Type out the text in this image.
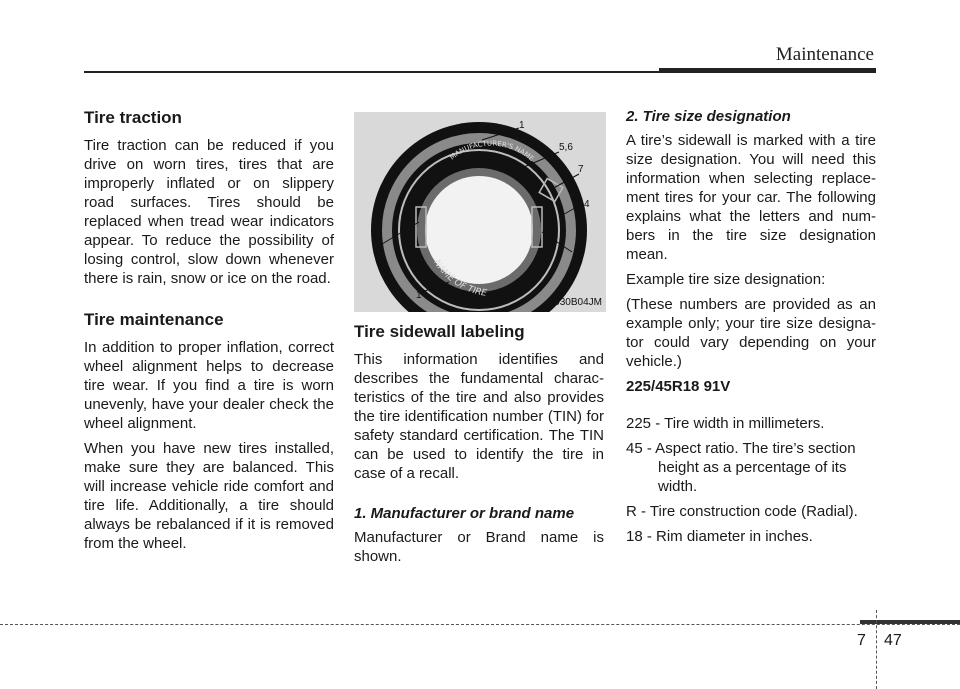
Maintenance
Tire traction

Tire traction can be reduced if you drive on worn tires, tires that are improperly inflated or on slippery road surfaces. Tires should be replaced when tread wear indicators appear. To reduce the possibility of losing control, slow down whenever there is rain, snow or ice on the road.

Tire maintenance

In addition to proper inflation, correct wheel alignment helps to decrease tire wear. If you find a tire is worn unevenly, have your dealer check the wheel alignment.

When you have new tires installed, make sure they are balanced. This will increase vehicle ride comfort and tire life. Additionally, a tire should always be rebalanced if it is removed from the wheel.

MANUFACTURER'S NAME
NAME OF TIRE
1
5,6
7
4
3
2
1
I030B04JM
Tire sidewall labeling

This information identifies and describes the fundamental charac-teristics of the tire and also provides the tire identification number (TIN) for safety standard certification. The TIN can be used to identify the tire in case of a recall.

1. Manufacturer or brand name

Manufacturer or Brand name is shown.

2. Tire size designation

A tire’s sidewall is marked with a tire size designation. You will need this information when selecting replace-ment tires for your car. The following explains what the letters and num-bers in the tire size designation mean.

Example tire size designation:

(These numbers are provided as an example only; your tire size designa-tor could vary depending on your vehicle.)

225/45R18 91V

225 - Tire width in millimeters.
45 - Aspect ratio. The tire’s section height as a percentage of its width.
R - Tire construction code (Radial).
18 - Rim diameter in inches.
7 47
